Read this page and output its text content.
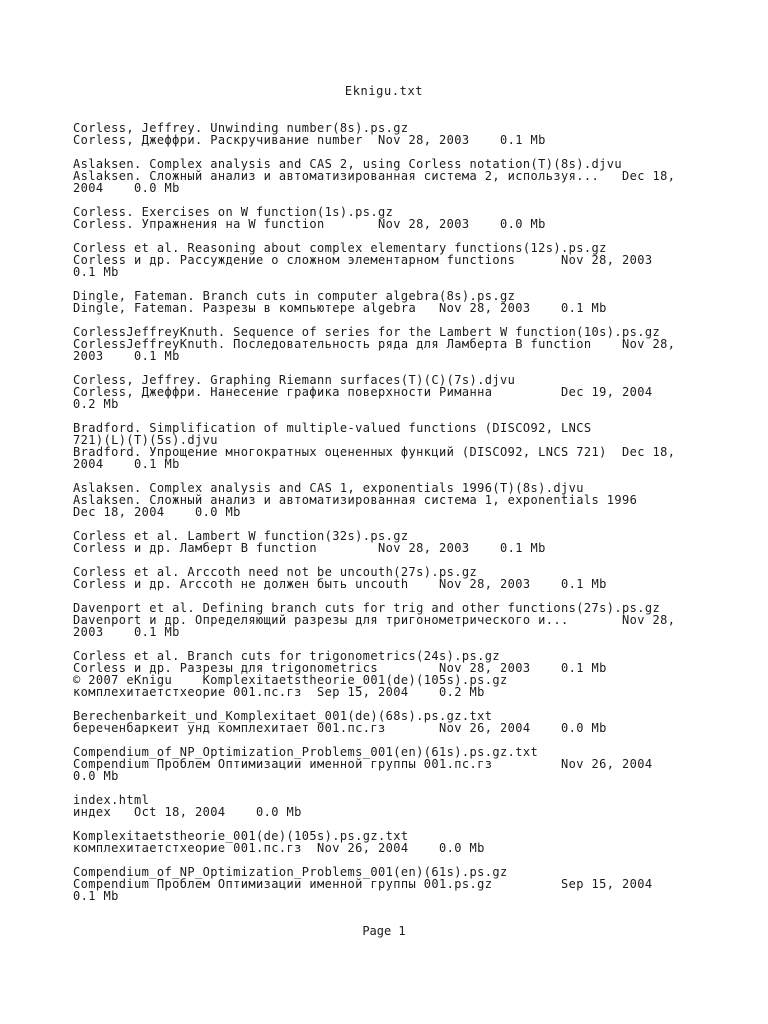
Eknigu.txt
Corless, Jeffrey. Unwinding number(8s).ps.gz
Corless, Джеффри. Раскручивание number  Nov 28, 2003    0.1 Mb
Aslaksen. Complex analysis and CAS 2, using Corless notation(T)(8s).djvu
Aslaksen. Сложный анализ и автоматизированная система 2, используя...   Dec 18,
2004    0.0 Mb
Corless. Exercises on W function(1s).ps.gz
Corless. Упражнения на W function       Nov 28, 2003    0.0 Mb
Corless et al. Reasoning about complex elementary functions(12s).ps.gz
Corless и др. Рассуждение о сложном элементарном functions      Nov 28, 2003
0.1 Mb
Dingle, Fateman. Branch cuts in computer algebra(8s).ps.gz
Dingle, Fateman. Разрезы в компьютере algebra   Nov 28, 2003    0.1 Mb
CorlessJeffreyKnuth. Sequence of series for the Lambert W function(10s).ps.gz
CorlessJeffreyKnuth. Последовательность ряда для Ламберта В function    Nov 28,
2003    0.1 Mb
Corless, Jeffrey. Graphing Riemann surfaces(T)(C)(7s).djvu
Corless, Джеффри. Нанесение графика поверхности Риманна         Dec 19, 2004
0.2 Mb
Bradford. Simplification of multiple-valued functions (DISCO92, LNCS
721)(L)(T)(5s).djvu
Bradford. Упрощение многократных оцененных функций (DISCO92, LNCS 721)  Dec 18,
2004    0.1 Mb
Aslaksen. Complex analysis and CAS 1, exponentials 1996(T)(8s).djvu
Aslaksen. Сложный анализ и автоматизированная система 1, exponentials 1996
Dec 18, 2004    0.0 Mb
Corless et al. Lambert W function(32s).ps.gz
Corless и др. Ламберт В function        Nov 28, 2003    0.1 Mb
Corless et al. Arccoth need not be uncouth(27s).ps.gz
Corless и др. Arccoth не должен быть uncouth    Nov 28, 2003    0.1 Mb
Davenport et al. Defining branch cuts for trig and other functions(27s).ps.gz
Davenport и др. Определяющий разрезы для тригонометрического и...       Nov 28,
2003    0.1 Mb
Corless et al. Branch cuts for trigonometrics(24s).ps.gz
Corless и др. Разрезы для trigonometrics        Nov 28, 2003    0.1 Mb
© 2007 eKnigu    Komplexitaetstheorie_001(de)(105s).ps.gz
комплехитаетстхеорие 001.пс.гз  Sep 15, 2004    0.2 Mb
Berechenbarkeit_und_Komplexitaet_001(de)(68s).ps.gz.txt
береченбаркеит унд комплехитает 001.пс.гз       Nov 26, 2004    0.0 Mb
Compendium_of_NP_Optimization_Problems_001(en)(61s).ps.gz.txt
Compendium Проблем Оптимизации именной группы 001.пс.гз         Nov 26, 2004
0.0 Mb
index.html
индех   Oct 18, 2004    0.0 Mb
Komplexitaetstheorie_001(de)(105s).ps.gz.txt
комплехитаетстхеорие 001.пс.гз  Nov 26, 2004    0.0 Mb
Compendium_of_NP_Optimization_Problems_001(en)(61s).ps.gz
Compendium Проблем Оптимизации именной группы 001.ps.gz         Sep 15, 2004
0.1 Mb
Page 1
